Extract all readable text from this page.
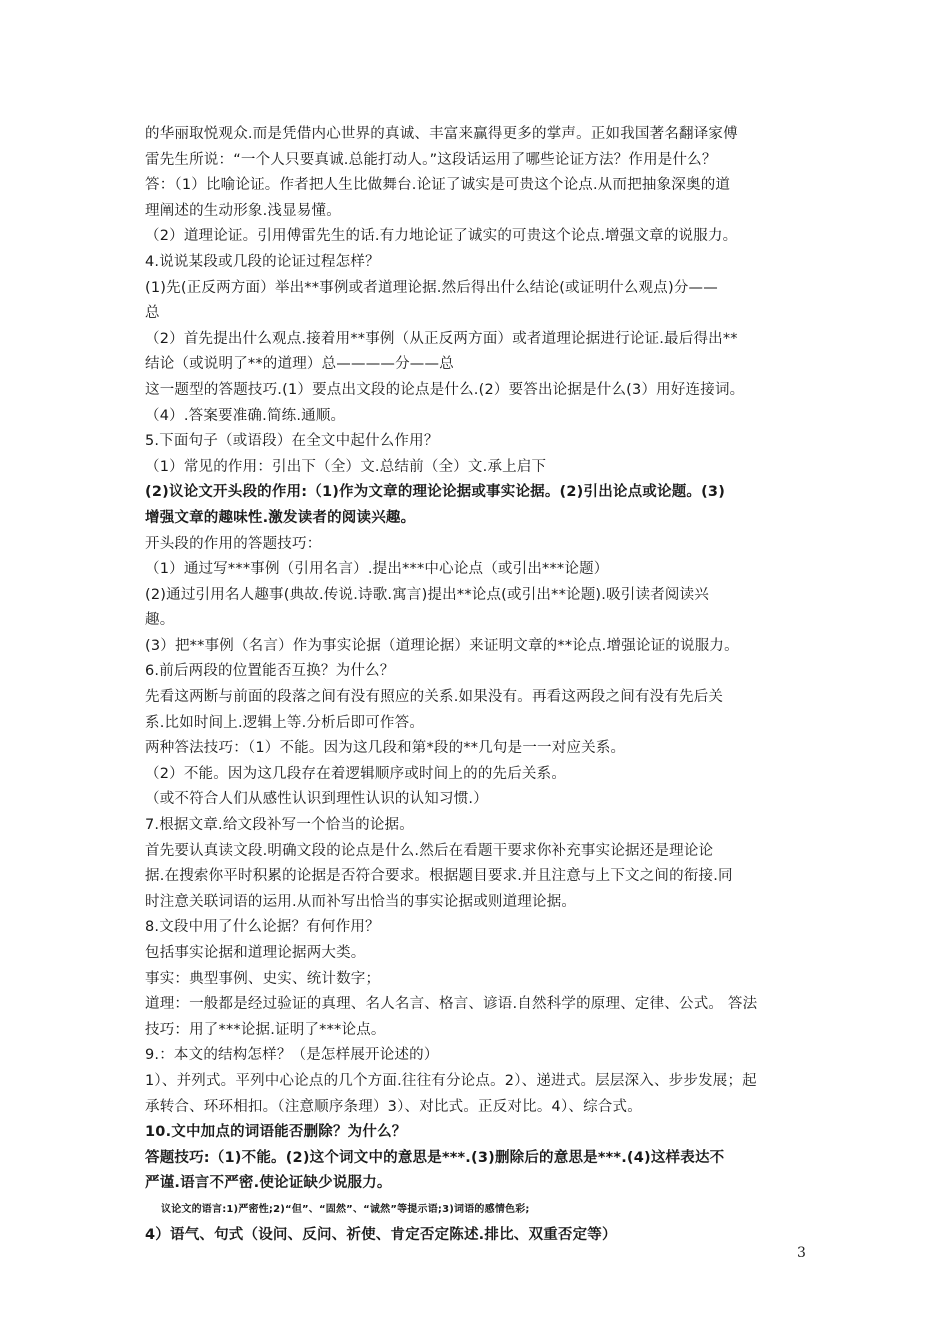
的华丽取悦观众.而是凭借内心世界的真诚、丰富来赢得更多的掌声。正如我国著名翻译家傅

雷先生所说：“一个人只要真诚.总能打动人。”这段话运用了哪些论证方法？作用是什么？

答：（1）比喻论证。作者把人生比做舞台.论证了诚实是可贵这个论点.从而把抽象深奥的道

理阐述的生动形象.浅显易懂。

（2）道理论证。引用傅雷先生的话.有力地论证了诚实的可贵这个论点.增强文章的说服力。

4.说说某段或几段的论证过程怎样？

(1)先(正反两方面）举出**事例或者道理论据.然后得出什么结论(或证明什么观点)分——

总

（2）首先提出什么观点.接着用**事例（从正反两方面）或者道理论据进行论证.最后得出**

结论（或说明了**的道理）总————分——总

这一题型的答题技巧.(1）要点出文段的论点是什么.(2）要答出论据是什么(3）用好连接词。

（4）.答案要准确.简练.通顺。

5.下面句子（或语段）在全文中起什么作用？

（1）常见的作用：引出下（全）文.总结前（全）文.承上启下

(2)议论文开头段的作用:（1)作为文章的理论论据或事实论据。(2)引出论点或论题。(3)

增强文章的趣味性.激发读者的阅读兴趣。

开头段的作用的答题技巧：

（1）通过写***事例（引用名言）.提出***中心论点（或引出***论题）

(2)通过引用名人趣事(典故.传说.诗歌.寓言)提出**论点(或引出**论题).吸引读者阅读兴

趣。

(3）把**事例（名言）作为事实论据（道理论据）来证明文章的**论点.增强论证的说服力。

6.前后两段的位置能否互换？为什么？

先看这两断与前面的段落之间有没有照应的关系.如果没有。再看这两段之间有没有先后关

系.比如时间上.逻辑上等.分析后即可作答。

两种答法技巧：（1）不能。因为这几段和第*段的**几句是一一对应关系。

（2）不能。因为这几段存在着逻辑顺序或时间上的的先后关系。

（或不符合人们从感性认识到理性认识的认知习惯.）

7.根据文章.给文段补写一个恰当的论据。

首先要认真读文段.明确文段的论点是什么.然后在看题干要求你补充事实论据还是理论论

据.在搜索你平时积累的论据是否符合要求。根据题目要求.并且注意与上下文之间的衔接.同

时注意关联词语的运用.从而补写出恰当的事实论据或则道理论据。

8.文段中用了什么论据？有何作用？

包括事实论据和道理论据两大类。

事实：典型事例、史实、统计数字；

道理：一般都是经过验证的真理、名人名言、格言、谚语.自然科学的原理、定律、公式。 答法

技巧：用了***论据.证明了***论点。

9.：本文的结构怎样？（是怎样展开论述的）

1）、并列式。平列中心论点的几个方面.往往有分论点。2）、递进式。层层深入、步步发展；起

承转合、环环相扣。（注意顺序条理）3）、对比式。正反对比。4）、综合式。

10.文中加点的词语能否删除？为什么？

答题技巧:（1)不能。(2)这个词文中的意思是***.(3)删除后的意思是***.(4)这样表达不

严谨.语言不严密.使论证缺少说服力。

议论文的语言:1)严密性;2)“但”、“固然”、“诚然”等提示语;3)词语的感情色彩;

4）语气、句式（设问、反问、祈使、肯定否定陈述.排比、双重否定等）

3
